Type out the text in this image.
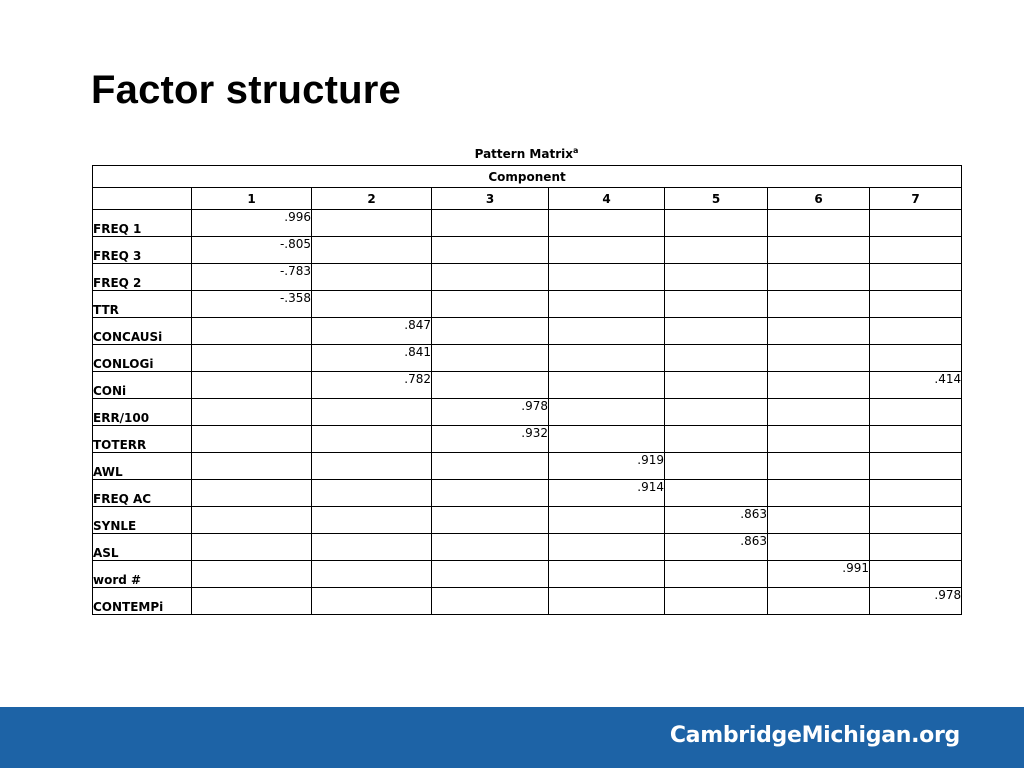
Factor structure
Pattern Matrix$^a$
Component							
	1	2	3	4	5	6	7
FREQ 1	.996						
FREQ 3	-.805						
FREQ 2	-.783						
TTR	-.358						
CONCAUSi		.847					
CONLOGi		.841					
CONi		.782					.414
ERR/100			.978				
TOTERR			.932				
AWL				.919			
FREQ AC				.914			
SYNLE					.863		
ASL					.863		
word #						.991	
CONTEMPi							.978
CambridgeMichigan.org
